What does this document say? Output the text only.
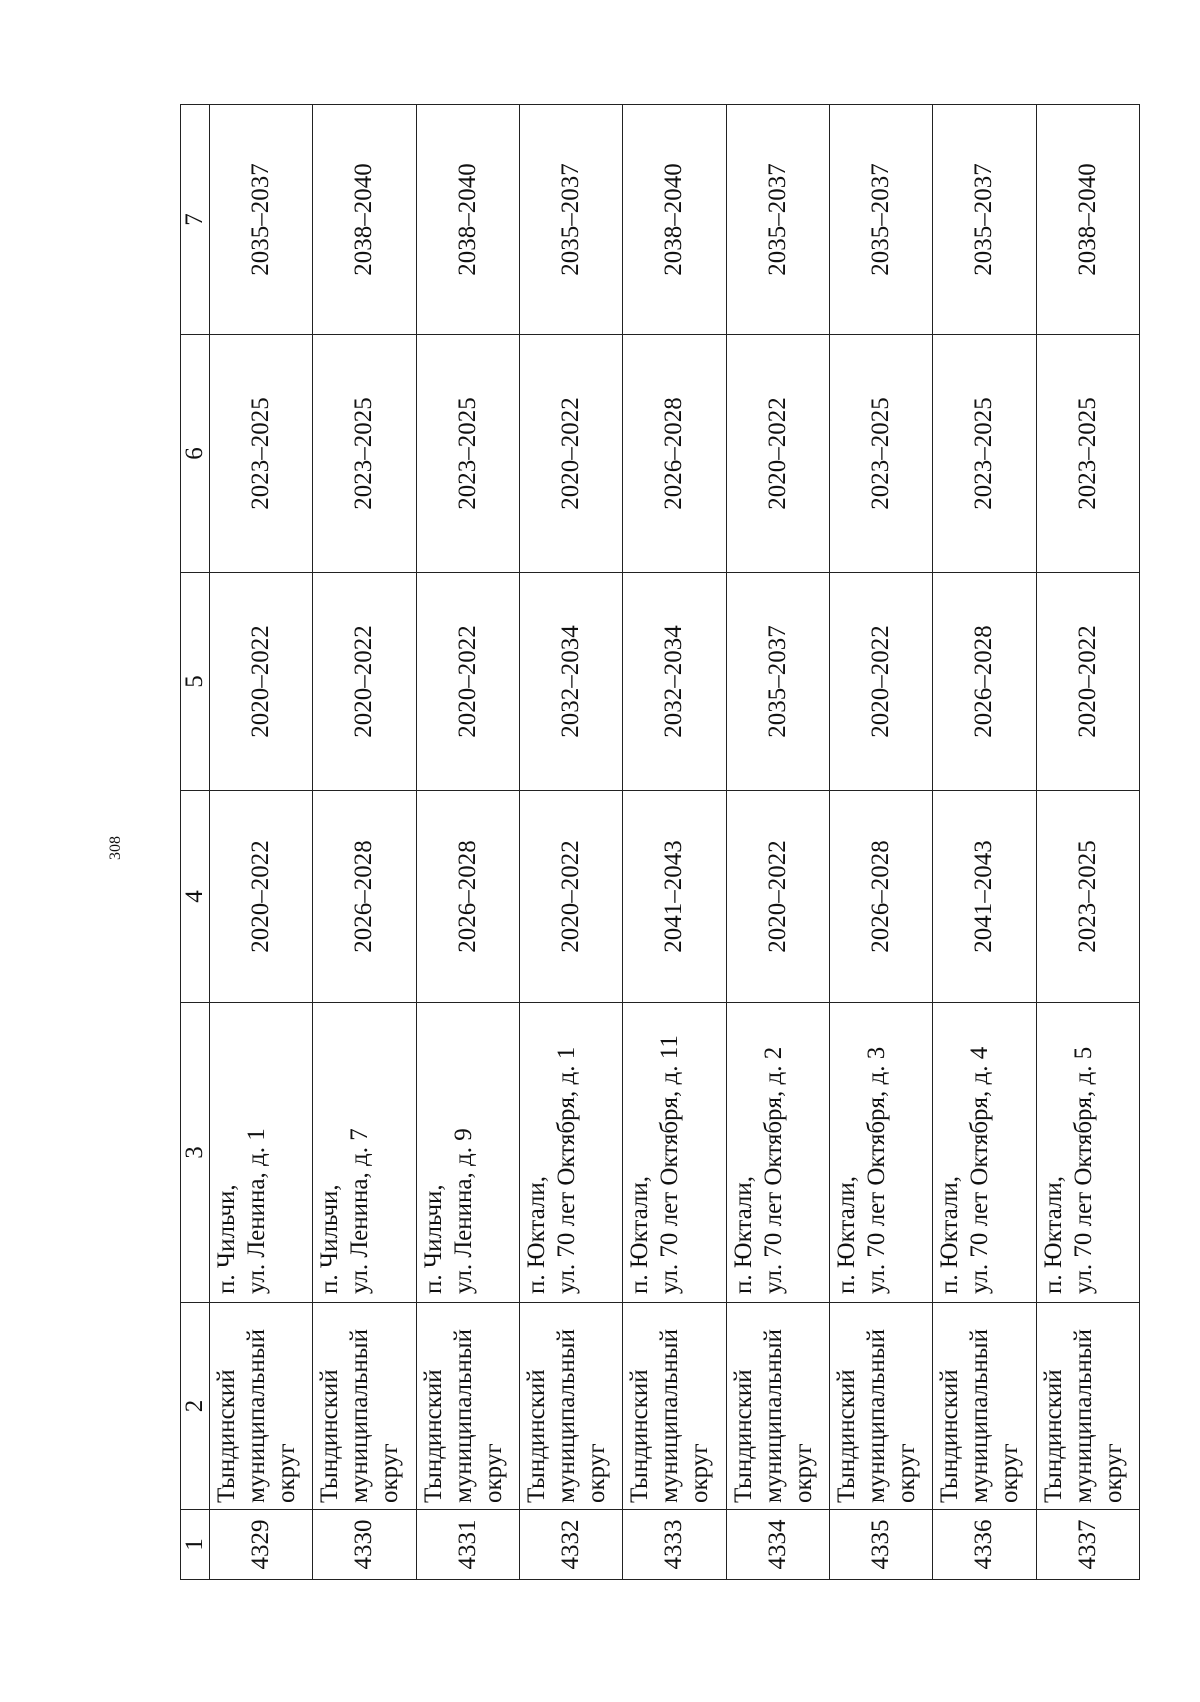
308
1	2	3	4	5	6	7
4329	Тындинский муниципальный округ	п. Чильчи, ул. Ленина, д. 1	2020–2022	2020–2022	2023–2025	2035–2037
4330	Тындинский муниципальный округ	п. Чильчи, ул. Ленина, д. 7	2026–2028	2020–2022	2023–2025	2038–2040
4331	Тындинский муниципальный округ	п. Чильчи, ул. Ленина, д. 9	2026–2028	2020–2022	2023–2025	2038–2040
4332	Тындинский муниципальный округ	п. Юктали, ул. 70 лет Октября, д. 1	2020–2022	2032–2034	2020–2022	2035–2037
4333	Тындинский муниципальный округ	п. Юктали, ул. 70 лет Октября, д. 11	2041–2043	2032–2034	2026–2028	2038–2040
4334	Тындинский муниципальный округ	п. Юктали, ул. 70 лет Октября, д. 2	2020–2022	2035–2037	2020–2022	2035–2037
4335	Тындинский муниципальный округ	п. Юктали, ул. 70 лет Октября, д. 3	2026–2028	2020–2022	2023–2025	2035–2037
4336	Тындинский муниципальный округ	п. Юктали, ул. 70 лет Октября, д. 4	2041–2043	2026–2028	2023–2025	2035–2037
4337	Тындинский муниципальный округ	п. Юктали, ул. 70 лет Октября, д. 5	2023–2025	2020–2022	2023–2025	2038–2040
